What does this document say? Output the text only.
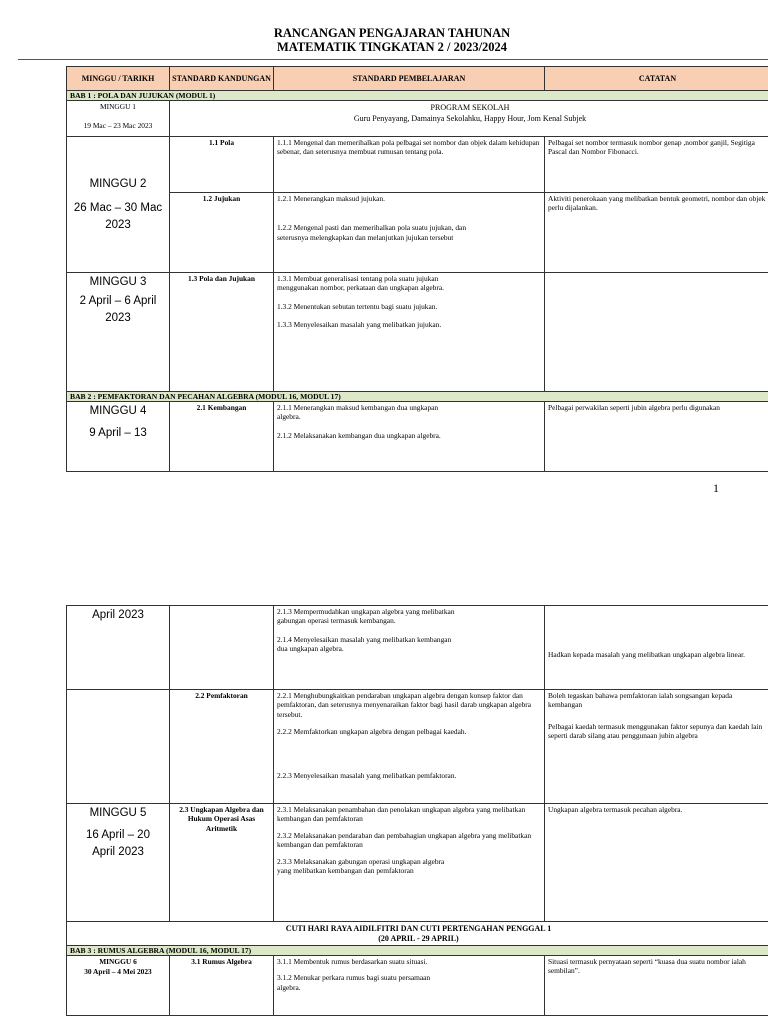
RANCANGAN PENGAJARAN TAHUNAN
MATEMATIK TINGKATAN 2 / 2023/2024
MINGGU / TARIKH	STANDARD KANDUNGAN	STANDARD PEMBELAJARAN	CATATAN
BAB 1 : POLA DAN JUJUKAN (MODUL 1)			

MINGGU 1
19 Mac – 23 Mac 2023	PROGRAM SEKOLAH
Guru Penyayang, Damainya Sekolahku, Happy Hour, Jom Kenal Subjek		

MINGGU 2
26 Mac – 30 Mac 2023	1.1 Pola	1.1.1 Mengenal dan memerihalkan pola pelbagai set nombor dan objek dalam kehidupan sebenar, dan seterusnya membuat rumusan tentang pola.	Pelbagai set nombor termasuk nombor genap ,nombor ganjil, Segitiga Pascal dan Nombor Fibonacci.
	1.2 Jujukan	1.2.1 Menerangkan maksud jujukan.
1.2.2 Mengenal pasti dan memerihalkan pola suatu jujukan, dan seterusnya melengkapkan dan melanjutkan jujukan tersebut	Aktiviti penerokaan yang melibatkan bentuk geometri, nombor dan objek perlu dijalankan.

MINGGU 3
2 April – 6 April 2023	1.3 Pola dan Jujukan	1.3.1 Membuat generalisasi tentang pola suatu jujukan menggunakan nombor, perkataan dan ungkapan algebra.
1.3.2 Menentukan sebutan tertentu bagi suatu jujukan.
1.3.3 Menyelesaikan masalah yang melibatkan jujukan.	

BAB 2 : PEMFAKTORAN DAN PECAHAN ALGEBRA (MODUL 16, MODUL 17)			

MINGGU 4
9 April – 13	2.1 Kembangan	2.1.1 Menerangkan maksud kembangan dua ungkapan algebra.
2.1.2 Melaksanakan kembangan dua ungkapan algebra.	Pelbagai perwakilan seperti jubin algebra perlu digunakan
1
April 2023		2.1.3 Mempermudahkan ungkapan algebra yang melibatkan gabungan operasi termasuk kembangan.
2.1.4 Menyelesaikan masalah yang melibatkan kembangan dua ungkapan algebra.	Hadkan kepada masalah yang melibatkan ungkapan algebra linear.

	2.2 Pemfaktoran	2.2.1 Menghubungkaitkan pendaraban ungkapan algebra dengan konsep faktor dan pemfaktoran, dan seterusnya menyenaraikan faktor bagi hasil darab ungkapan algebra tersebut.
2.2.2 Memfaktorkan ungkapan algebra dengan pelbagai kaedah.
2.2.3 Menyelesaikan masalah yang melibatkan pemfaktoran.	Boleh tegaskan bahawa pemfaktoran ialah songsangan kepada kembangan
Pelbagai kaedah termasuk menggunakan faktor sepunya dan kaedah lain seperti darab silang atau penggunaan jubin algebra

MINGGU 5
16 April – 20 April 2023	2.3 Ungkapan Algebra dan Hukum Operasi Asas Aritmetik	2.3.1 Melaksanakan penambahan dan penolakan ungkapan algebra yang melibatkan kembangan dan pemfaktoran
2.3.2 Melaksanakan pendaraban dan pembahagian ungkapan algebra yang melibatkan kembangan dan pemfaktoran
2.3.3 Melaksanakan gabungan operasi ungkapan algebra yang melibatkan kembangan dan pemfaktoran	Ungkapan algebra termasuk pecahan algebra.

CUTI HARI RAYA AIDILFITRI DAN CUTI PERTENGAHAN PENGGAL 1
(20 APRIL - 29 APRIL)			

BAB 3 : RUMUS ALGEBRA (MODUL 16, MODUL 17)			

MINGGU 6
30 April – 4 Mei 2023	3.1 Rumus Algebra	3.1.1 Membentuk rumus berdasarkan suatu situasi.
3.1.2 Menukar perkara rumus bagi suatu persamaan algebra.	Situasi termasuk pernyataan seperti “kuasa dua suatu nombor ialah sembilan”.
